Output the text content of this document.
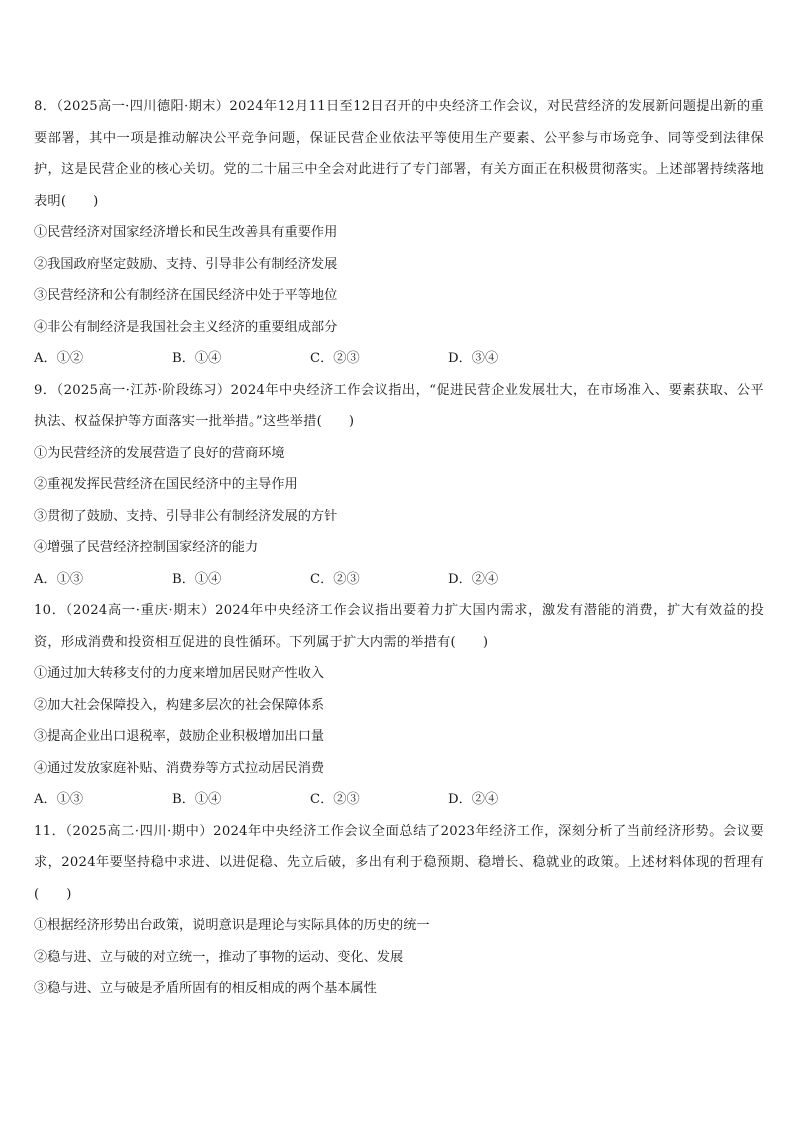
8．（2025高一·四川德阳·期末）2024年12月11日至12日召开的中央经济工作会议，对民营经济的发展新问题提出新的重要部署，其中一项是推动解决公平竞争问题，保证民营企业依法平等使用生产要素、公平参与市场竞争、同等受到法律保护，这是民营企业的核心关切。党的二十届三中全会对此进行了专门部署，有关方面正在积极贯彻落实。上述部署持续落地表明(　　)

①民营经济对国家经济增长和民生改善具有重要作用

②我国政府坚定鼓励、支持、引导非公有制经济发展

③民营经济和公有制经济在国民经济中处于平等地位

④非公有制经济是我国社会主义经济的重要组成部分

A．①②	B．①④	C．②③	D．③④

9．（2025高一·江苏·阶段练习）2024年中央经济工作会议指出，“促进民营企业发展壮大，在市场准入、要素获取、公平执法、权益保护等方面落实一批举措。”这些举措(　　)

①为民营经济的发展营造了良好的营商环境

②重视发挥民营经济在国民经济中的主导作用

③贯彻了鼓励、支持、引导非公有制经济发展的方针

④增强了民营经济控制国家经济的能力

A．①③	B．①④	C．②③	D．②④

10．（2024高一·重庆·期末）2024年中央经济工作会议指出要着力扩大国内需求，激发有潜能的消费，扩大有效益的投资，形成消费和投资相互促进的良性循环。下列属于扩大内需的举措有(　　)

①通过加大转移支付的力度来增加居民财产性收入

②加大社会保障投入，构建多层次的社会保障体系

③提高企业出口退税率，鼓励企业积极增加出口量

④通过发放家庭补贴、消费券等方式拉动居民消费

A．①③	B．①④	C．②③	D．②④

11．（2025高二·四川·期中）2024年中央经济工作会议全面总结了2023年经济工作，深刻分析了当前经济形势。会议要求，2024年要坚持稳中求进、以进促稳、先立后破，多出有利于稳预期、稳增长、稳就业的政策。上述材料体现的哲理有(　　)

①根据经济形势出台政策，说明意识是理论与实际具体的历史的统一

②稳与进、立与破的对立统一，推动了事物的运动、变化、发展

③稳与进、立与破是矛盾所固有的相反相成的两个基本属性
